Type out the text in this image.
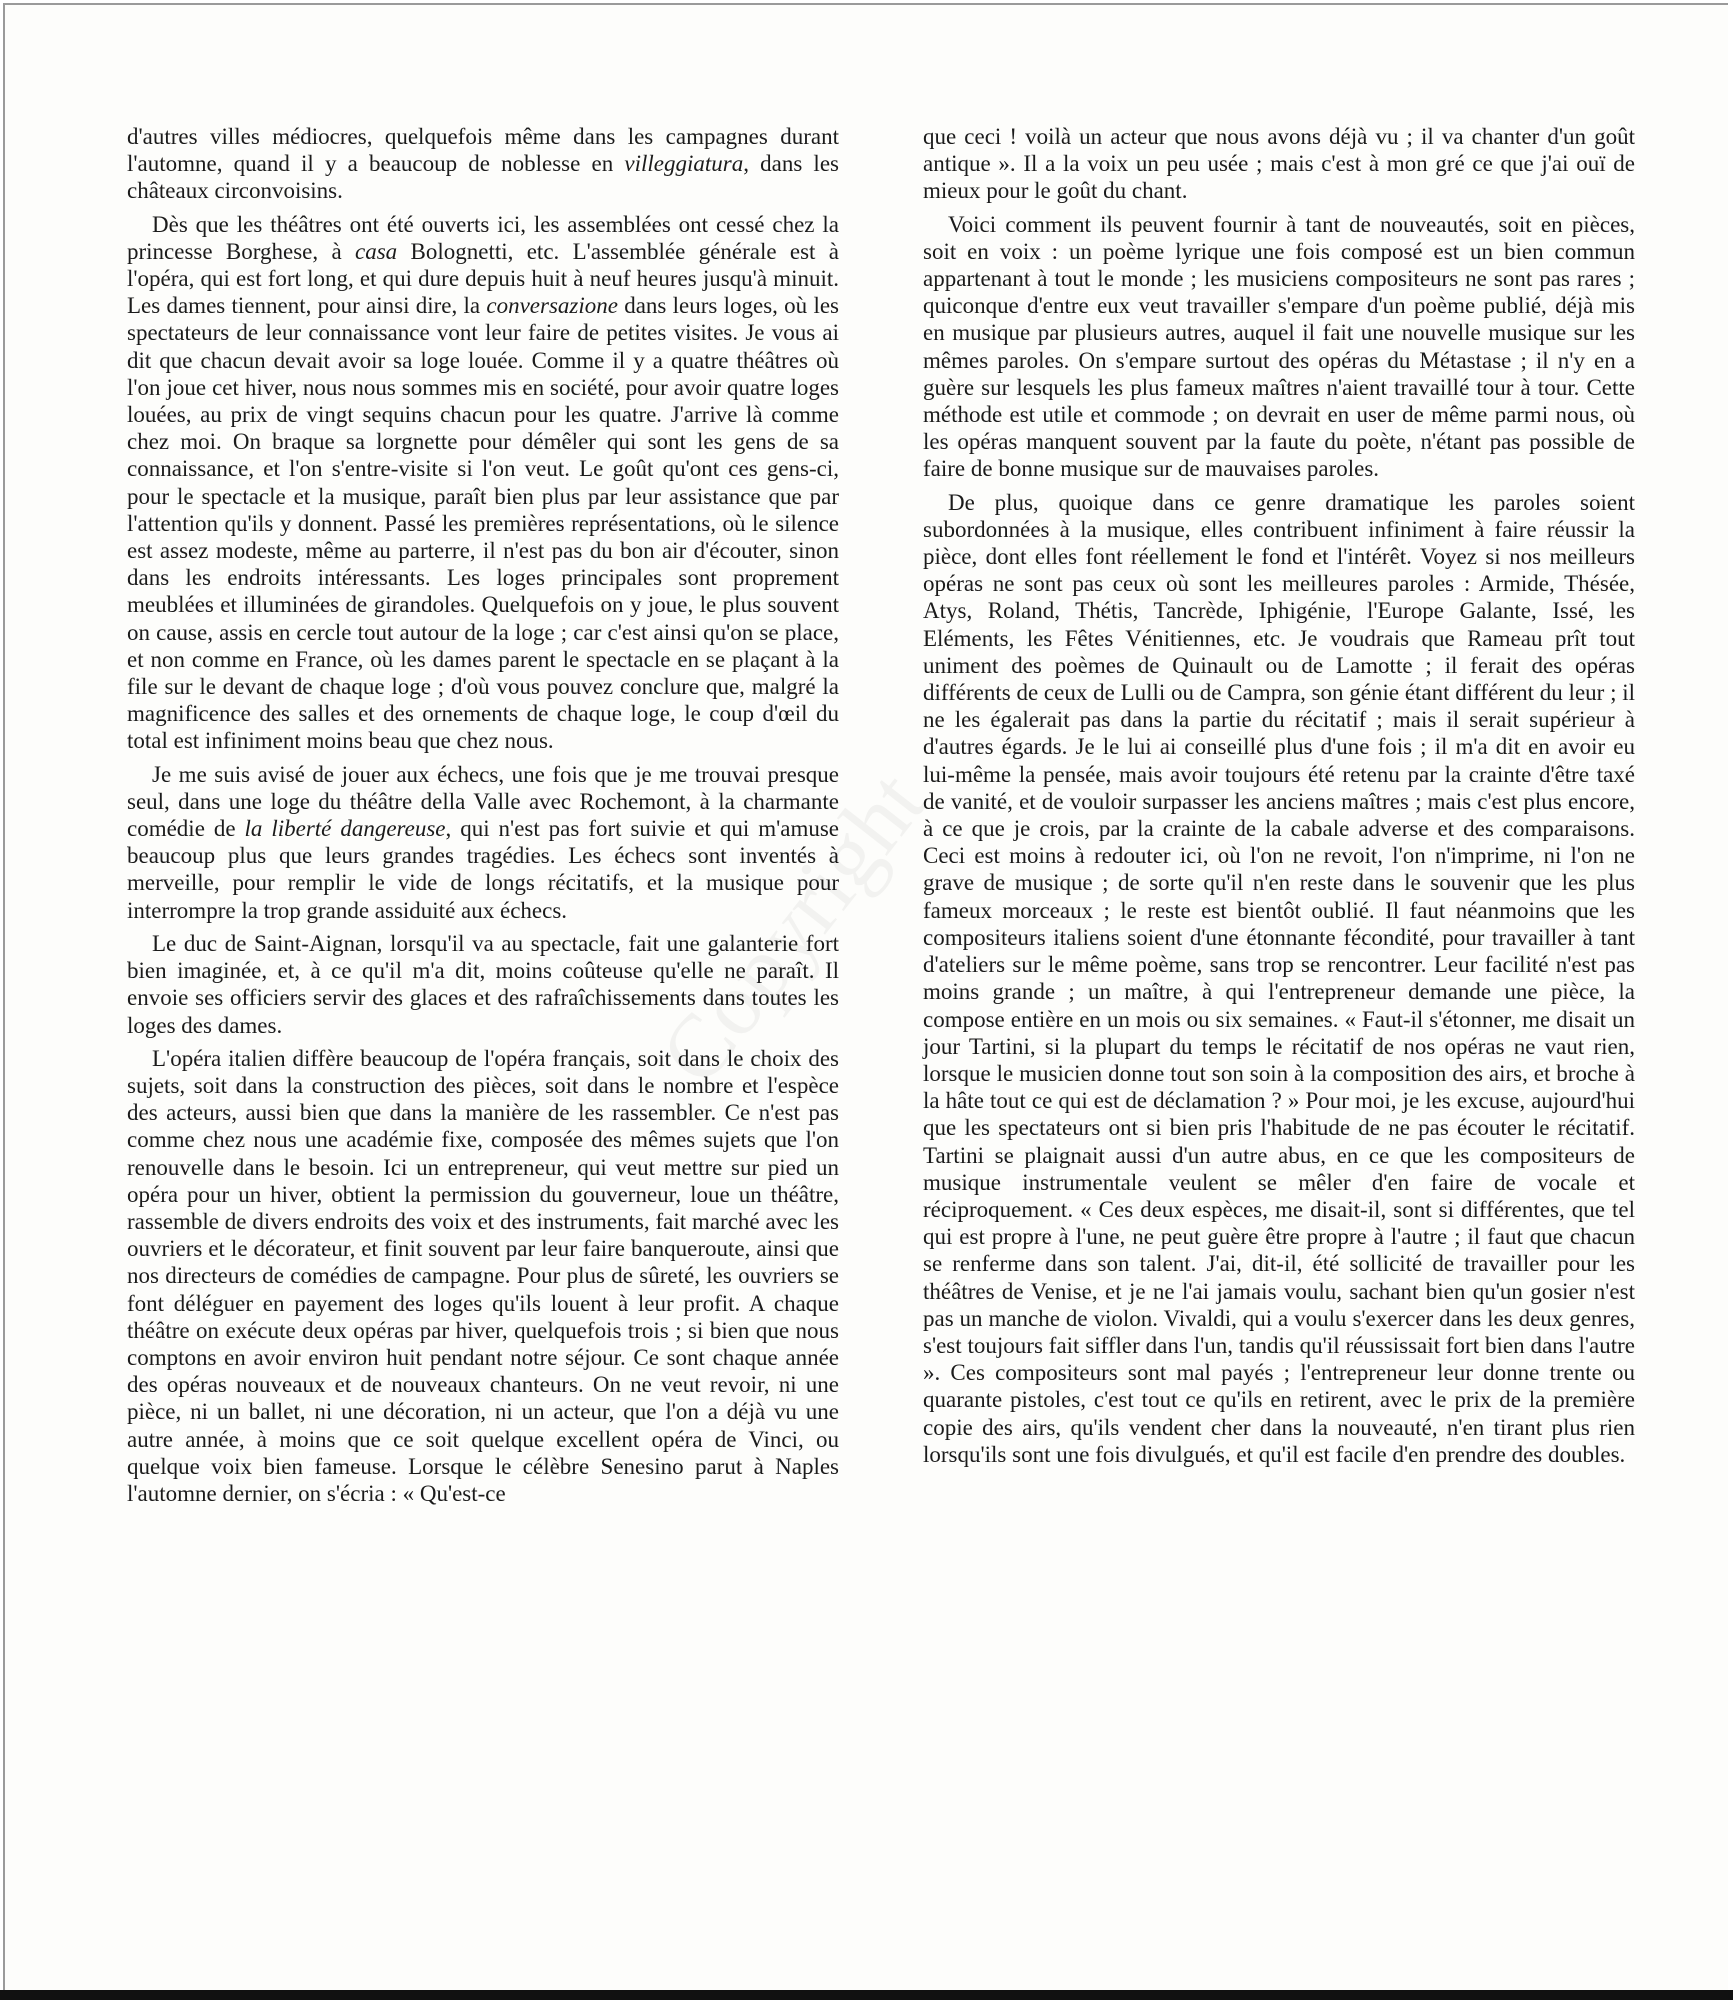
d'autres villes médiocres, quelquefois même dans les campagnes durant l'automne, quand il y a beaucoup de noblesse en villeggiatura, dans les châteaux circonvoisins.

Dès que les théâtres ont été ouverts ici, les assemblées ont cessé chez la princesse Borghese, à casa Bolognetti, etc. L'assemblée générale est à l'opéra, qui est fort long, et qui dure depuis huit à neuf heures jusqu'à minuit. Les dames tiennent, pour ainsi dire, la conversazione dans leurs loges, où les spectateurs de leur connaissance vont leur faire de petites visites. Je vous ai dit que chacun devait avoir sa loge louée. Comme il y a quatre théâtres où l'on joue cet hiver, nous nous sommes mis en société, pour avoir quatre loges louées, au prix de vingt sequins chacun pour les quatre. J'arrive là comme chez moi. On braque sa lorgnette pour démêler qui sont les gens de sa connaissance, et l'on s'entre-visite si l'on veut. Le goût qu'ont ces gens-ci, pour le spectacle et la musique, paraît bien plus par leur assistance que par l'attention qu'ils y donnent. Passé les premières représentations, où le silence est assez modeste, même au parterre, il n'est pas du bon air d'écouter, sinon dans les endroits intéressants. Les loges principales sont proprement meublées et illuminées de girandoles. Quelquefois on y joue, le plus souvent on cause, assis en cercle tout autour de la loge ; car c'est ainsi qu'on se place, et non comme en France, où les dames parent le spectacle en se plaçant à la file sur le devant de chaque loge ; d'où vous pouvez conclure que, malgré la magnificence des salles et des ornements de chaque loge, le coup d'œil du total est infiniment moins beau que chez nous.

Je me suis avisé de jouer aux échecs, une fois que je me trouvai presque seul, dans une loge du théâtre della Valle avec Rochemont, à la charmante comédie de la liberté dangereuse, qui n'est pas fort suivie et qui m'amuse beaucoup plus que leurs grandes tragédies. Les échecs sont inventés à merveille, pour remplir le vide de longs récitatifs, et la musique pour interrompre la trop grande assiduité aux échecs.

Le duc de Saint-Aignan, lorsqu'il va au spectacle, fait une galanterie fort bien imaginée, et, à ce qu'il m'a dit, moins coûteuse qu'elle ne paraît. Il envoie ses officiers servir des glaces et des rafraîchissements dans toutes les loges des dames.

L'opéra italien diffère beaucoup de l'opéra français, soit dans le choix des sujets, soit dans la construction des pièces, soit dans le nombre et l'espèce des acteurs, aussi bien que dans la manière de les rassembler. Ce n'est pas comme chez nous une académie fixe, composée des mêmes sujets que l'on renouvelle dans le besoin. Ici un entrepreneur, qui veut mettre sur pied un opéra pour un hiver, obtient la permission du gouverneur, loue un théâtre, rassemble de divers endroits des voix et des instruments, fait marché avec les ouvriers et le décorateur, et finit souvent par leur faire banqueroute, ainsi que nos directeurs de comédies de campagne. Pour plus de sûreté, les ouvriers se font déléguer en payement des loges qu'ils louent à leur profit. A chaque théâtre on exécute deux opéras par hiver, quelquefois trois ; si bien que nous comptons en avoir environ huit pendant notre séjour. Ce sont chaque année des opéras nouveaux et de nouveaux chanteurs. On ne veut revoir, ni une pièce, ni un ballet, ni une décoration, ni un acteur, que l'on a déjà vu une autre année, à moins que ce soit quelque excellent opéra de Vinci, ou quelque voix bien fameuse. Lorsque le célèbre Senesino parut à Naples l'automne dernier, on s'écria : « Qu'est-ce

que ceci ! voilà un acteur que nous avons déjà vu ; il va chanter d'un goût antique ». Il a la voix un peu usée ; mais c'est à mon gré ce que j'ai ouï de mieux pour le goût du chant.

Voici comment ils peuvent fournir à tant de nouveautés, soit en pièces, soit en voix : un poème lyrique une fois composé est un bien commun appartenant à tout le monde ; les musiciens compositeurs ne sont pas rares ; quiconque d'entre eux veut travailler s'empare d'un poème publié, déjà mis en musique par plusieurs autres, auquel il fait une nouvelle musique sur les mêmes paroles. On s'empare surtout des opéras du Métastase ; il n'y en a guère sur lesquels les plus fameux maîtres n'aient travaillé tour à tour. Cette méthode est utile et commode ; on devrait en user de même parmi nous, où les opéras manquent souvent par la faute du poète, n'étant pas possible de faire de bonne musique sur de mauvaises paroles.

De plus, quoique dans ce genre dramatique les paroles soient subordonnées à la musique, elles contribuent infiniment à faire réussir la pièce, dont elles font réellement le fond et l'intérêt. Voyez si nos meilleurs opéras ne sont pas ceux où sont les meilleures paroles : Armide, Thésée, Atys, Roland, Thétis, Tancrède, Iphigénie, l'Europe Galante, Issé, les Eléments, les Fêtes Vénitiennes, etc. Je voudrais que Rameau prît tout uniment des poèmes de Quinault ou de Lamotte ; il ferait des opéras différents de ceux de Lulli ou de Campra, son génie étant différent du leur ; il ne les égalerait pas dans la partie du récitatif ; mais il serait supérieur à d'autres égards. Je le lui ai conseillé plus d'une fois ; il m'a dit en avoir eu lui-même la pensée, mais avoir toujours été retenu par la crainte d'être taxé de vanité, et de vouloir surpasser les anciens maîtres ; mais c'est plus encore, à ce que je crois, par la crainte de la cabale adverse et des comparaisons. Ceci est moins à redouter ici, où l'on ne revoit, l'on n'imprime, ni l'on ne grave de musique ; de sorte qu'il n'en reste dans le souvenir que les plus fameux morceaux ; le reste est bientôt oublié. Il faut néanmoins que les compositeurs italiens soient d'une étonnante fécondité, pour travailler à tant d'ateliers sur le même poème, sans trop se rencontrer. Leur facilité n'est pas moins grande ; un maître, à qui l'entrepreneur demande une pièce, la compose entière en un mois ou six semaines. « Faut-il s'étonner, me disait un jour Tartini, si la plupart du temps le récitatif de nos opéras ne vaut rien, lorsque le musicien donne tout son soin à la composition des airs, et broche à la hâte tout ce qui est de déclamation ? » Pour moi, je les excuse, aujourd'hui que les spectateurs ont si bien pris l'habitude de ne pas écouter le récitatif. Tartini se plaignait aussi d'un autre abus, en ce que les compositeurs de musique instrumentale veulent se mêler d'en faire de vocale et réciproquement. « Ces deux espèces, me disait-il, sont si différentes, que tel qui est propre à l'une, ne peut guère être propre à l'autre ; il faut que chacun se renferme dans son talent. J'ai, dit-il, été sollicité de travailler pour les théâtres de Venise, et je ne l'ai jamais voulu, sachant bien qu'un gosier n'est pas un manche de violon. Vivaldi, qui a voulu s'exercer dans les deux genres, s'est toujours fait siffler dans l'un, tandis qu'il réussissait fort bien dans l'autre ». Ces compositeurs sont mal payés ; l'entrepreneur leur donne trente ou quarante pistoles, c'est tout ce qu'ils en retirent, avec le prix de la première copie des airs, qu'ils vendent cher dans la nouveauté, n'en tirant plus rien lorsqu'ils sont une fois divulgués, et qu'il est facile d'en prendre des doubles.
